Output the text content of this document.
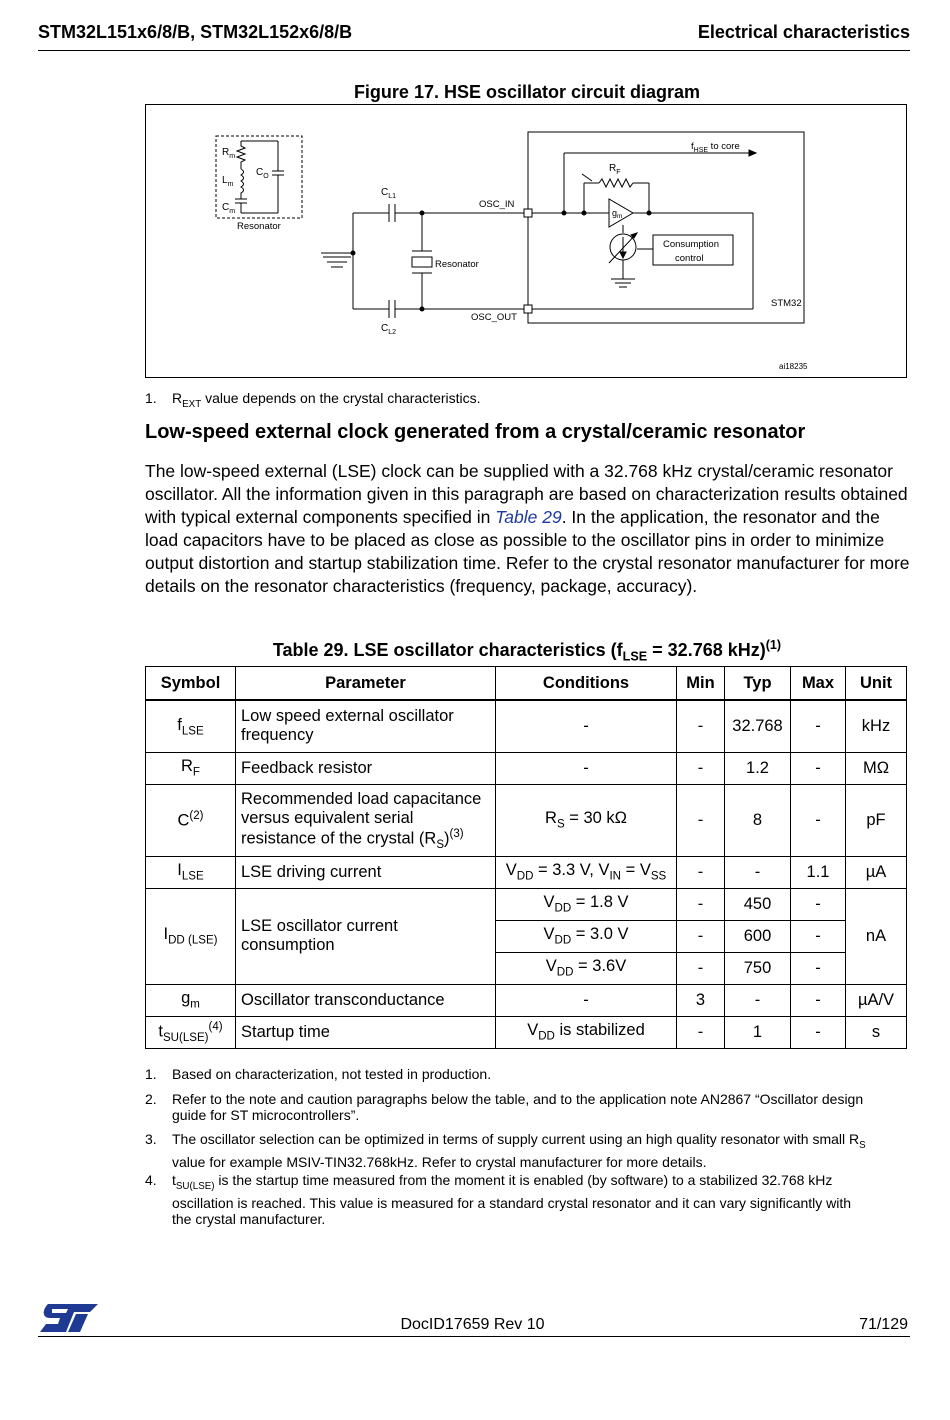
STM32L151x6/8/B, STM32L152x6/8/B	Electrical characteristics
Figure 17. HSE oscillator circuit diagram
$R_m$
$L_m$
$C_m$
$C_O$
Resonator
$C_{L1}$
$C_{L2}$
Resonator
OSC_IN
OSC_OUT
$f_{HSE}$ to core
$R_F$
$g_m$
Consumption
control
STM32
ai18235
1. $R_{EXT}$ value depends on the crystal characteristics.
Low-speed external clock generated from a crystal/ceramic resonator
The low-speed external (LSE) clock can be supplied with a 32.768 kHz crystal/ceramic resonator oscillator. All the information given in this paragraph are based on characterization results obtained with typical external components specified in Table 29. In the application, the resonator and the load capacitors have to be placed as close as possible to the oscillator pins in order to minimize output distortion and startup stabilization time. Refer to the crystal resonator manufacturer for more details on the resonator characteristics (frequency, package, accuracy).
Table 29. LSE oscillator characteristics ($f_{LSE} = 32.768$ kHz)$^{(1)}$
Symbol	Parameter	Conditions	Min	Typ	Max	Unit
$f_{LSE}$	Low speed external oscillator frequency	-	-	32.768	-	kHz
$R_F$	Feedback resistor	-	-	1.2	-	MΩ
$C^{(2)}$	Recommended load capacitance versus equivalent serial resistance of the crystal $(R_S)^{(3)}$	$R_S = 30$ kΩ	-	8	-	pF
$I_{LSE}$	LSE driving current	$V_{DD} = 3.3$ V, $V_{IN} = V_{SS}$	-	-	1.1	µA
$I_{DD (LSE)}$	LSE oscillator current consumption	$V_{DD} = 1.8$ V	-	450	-	nA
		$V_{DD} = 3.0$ V	-	600	-	
		$V_{DD} = 3.6V$	-	750	-	
$g_m$	Oscillator transconductance	-	3	-	-	µA/V
$t_{SU(LSE)}^{(4)}$	Startup time	$V_{DD}$ is stabilized	-	1	-	s
1. Based on characterization, not tested in production.
2. Refer to the note and caution paragraphs below the table, and to the application note AN2867 “Oscillator design guide for ST microcontrollers”.
3. The oscillator selection can be optimized in terms of supply current using an high quality resonator with small $R_S$ value for example MSIV-TIN32.768kHz. Refer to crystal manufacturer for more details.
4. $t_{SU(LSE)}$ is the startup time measured from the moment it is enabled (by software) to a stabilized 32.768 kHz oscillation is reached. This value is measured for a standard crystal resonator and it can vary significantly with the crystal manufacturer.
DocID17659 Rev 10	71/129
